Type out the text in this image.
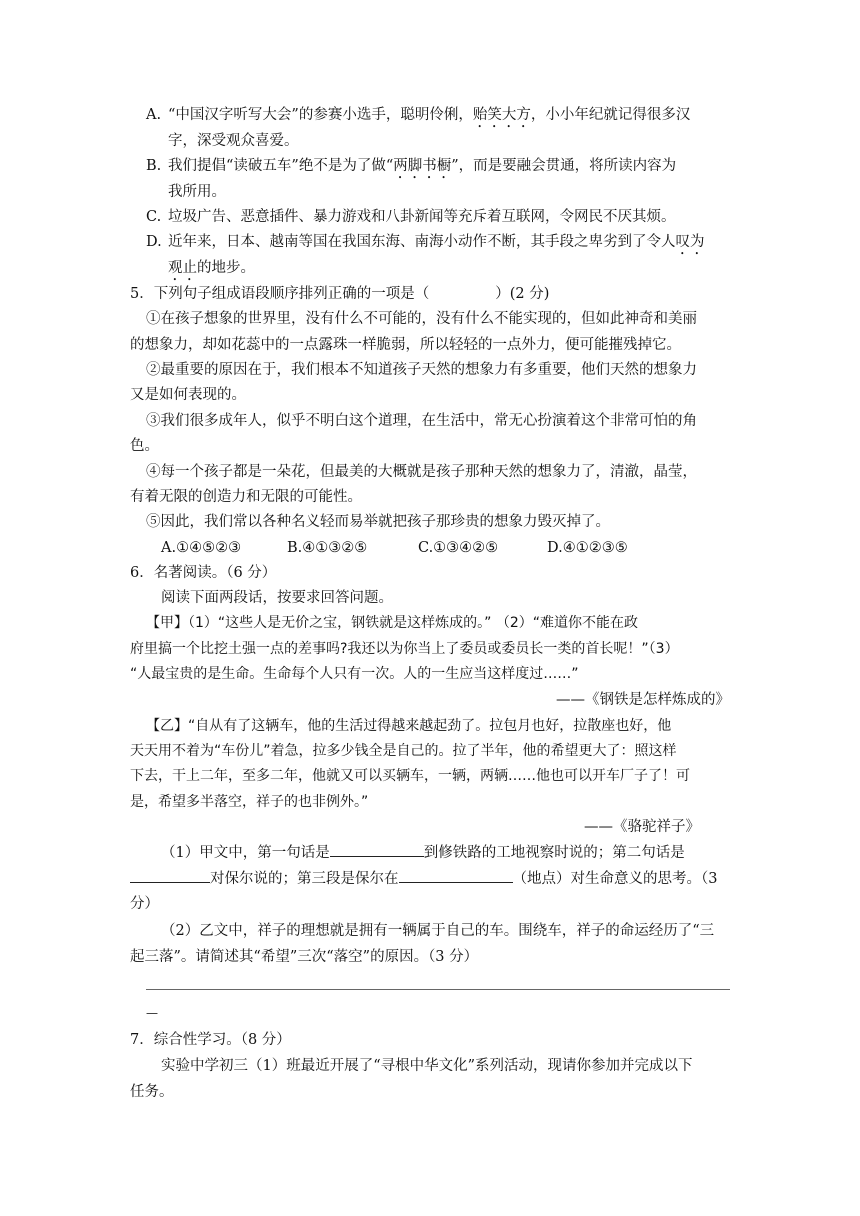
A. “中国汉字听写大会”的参赛小选手，聪明伶俐，贻笑大方，小小年纪就记得很多汉
字，深受观众喜爱。
B. 我们提倡“读破五车”绝不是为了做“两脚书橱”，而是要融会贯通，将所读内容为
我所用。
C. 垃圾广告、恶意插件、暴力游戏和八卦新闻等充斥着互联网，令网民不厌其烦。
D. 近年来，日本、越南等国在我国东海、南海小动作不断，其手段之卑劣到了令人叹为
观止的地步。
5．下列句子组成语段顺序排列正确的一项是（	）(2 分)
①在孩子想象的世界里，没有什么不可能的，没有什么不能实现的，但如此神奇和美丽
的想象力，却如花蕊中的一点露珠一样脆弱，所以轻轻的一点外力，便可能摧残掉它。
②最重要的原因在于，我们根本不知道孩子天然的想象力有多重要，他们天然的想象力
又是如何表现的。
③我们很多成年人，似乎不明白这个道理，在生活中，常无心扮演着这个非常可怕的角
色。
④每一个孩子都是一朵花，但最美的大概就是孩子那种天然的想象力了，清澈，晶莹，
有着无限的创造力和无限的可能性。
⑤因此，我们常以各种名义轻而易举就把孩子那珍贵的想象力毁灭掉了。
A.①④⑤②③	B.④①③②⑤	C.①③④②⑤	D.④①②③⑤
6．名著阅读。（6 分）
阅读下面两段话，按要求回答问题。
【甲】（1）“这些人是无价之宝，钢铁就是这样炼成的。” （2）“难道你不能在政
府里搞一个比挖土强一点的差事吗?我还以为你当上了委员或委员长一类的首长呢！”（3）
“人最宝贵的是生命。生命每个人只有一次。人的一生应当这样度过……”
——《钢铁是怎样炼成的》
【乙】“自从有了这辆车，他的生活过得越来越起劲了。拉包月也好，拉散座也好，他
天天用不着为“车份儿”着急，拉多少钱全是自己的。拉了半年，他的希望更大了：照这样
下去，干上二年，至多二年，他就又可以买辆车，一辆，两辆……他也可以开车厂子了！可
是，希望多半落空，祥子的也非例外。”
——《骆驼祥子》
（1）甲文中，第一句话是	到修铁路的工地视察时说的；第二句话是
对保尔说的；第三段是保尔在	（地点）对生命意义的思考。（3
分）
（2）乙文中，祥子的理想就是拥有一辆属于自己的车。围绕车，祥子的命运经历了“三
起三落”。请简述其“希望”三次“落空”的原因。（3 分）
—
7．综合性学习。（8 分）
实验中学初三（1）班最近开展了“寻根中华文化”系列活动，现请你参加并完成以下
任务。
